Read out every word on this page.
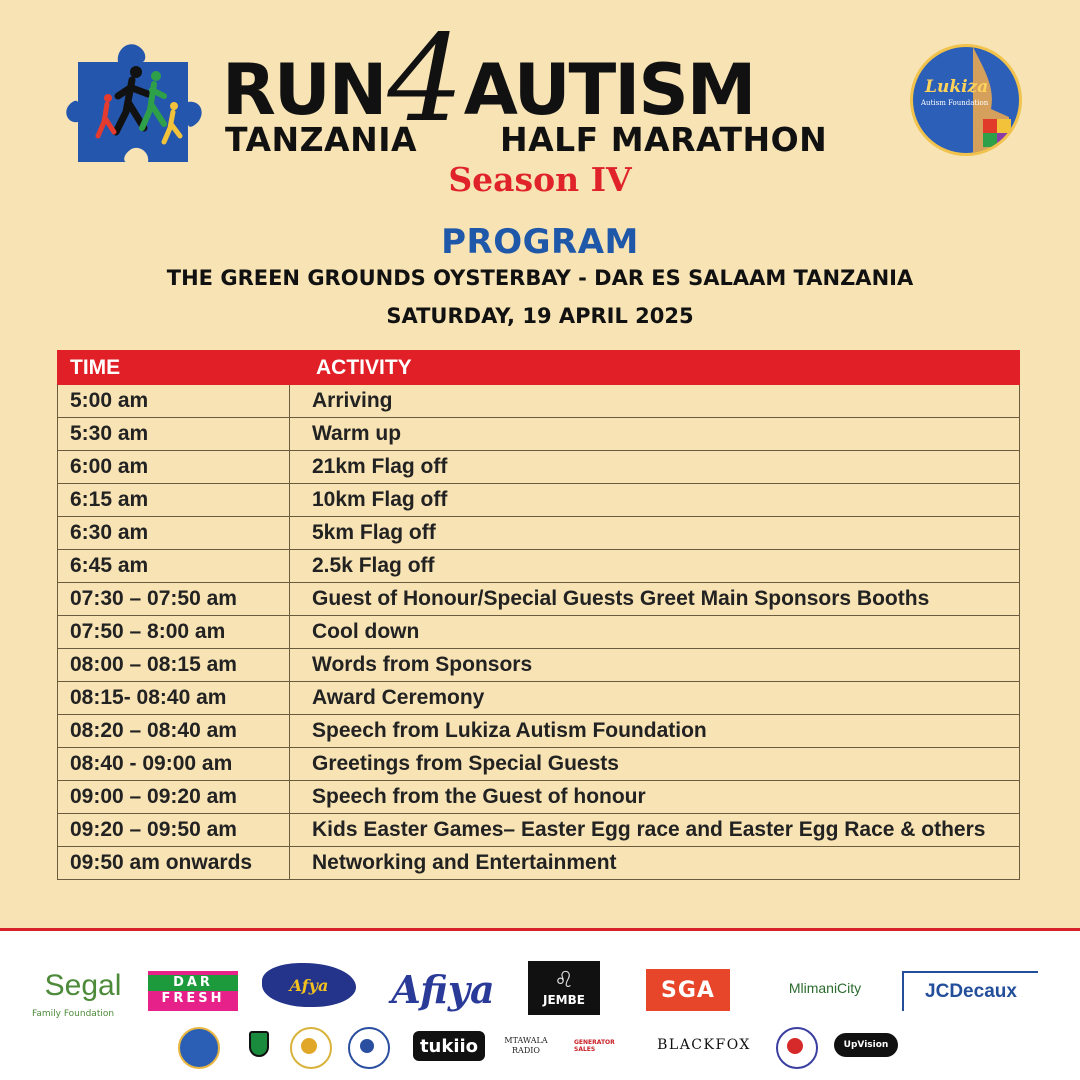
RUN4AUTISM
TANZANIA	HALF MARATHON
Season IV
Lukiza
Autism Foundation
PROGRAM
THE GREEN GROUNDS OYSTERBAY - DAR ES SALAAM TANZANIA
SATURDAY, 19 APRIL 2025
TIME	ACTIVITY
5:00 am	Arriving
5:30 am	Warm up
6:00 am	21km Flag off
6:15 am	10km Flag off
6:30 am	5km Flag off
6:45 am	2.5k Flag off
07:30 – 07:50 am	Guest of Honour/Special Guests Greet Main Sponsors Booths
07:50 – 8:00 am	Cool down
08:00 – 08:15 am	Words from Sponsors
08:15- 08:40 am	Award Ceremony
08:20 – 08:40 am	Speech from Lukiza Autism Foundation
08:40 - 09:00 am	Greetings from Special Guests
09:00 – 09:20 am	Speech from the Guest of honour
09:20 – 09:50 am	Kids Easter Games– Easter Egg race and Easter Egg Race & others
09:50 am onwards	Networking and Entertainment
Segal
Family Foundation
DAR
FRESH
Afya Afiya	♌
JEMBE	SGA	MlimaniCity	JCDecaux
tukiio	MTAWALA
RADIO
GENERATOR SALES	BLACKFOX	UpVision
